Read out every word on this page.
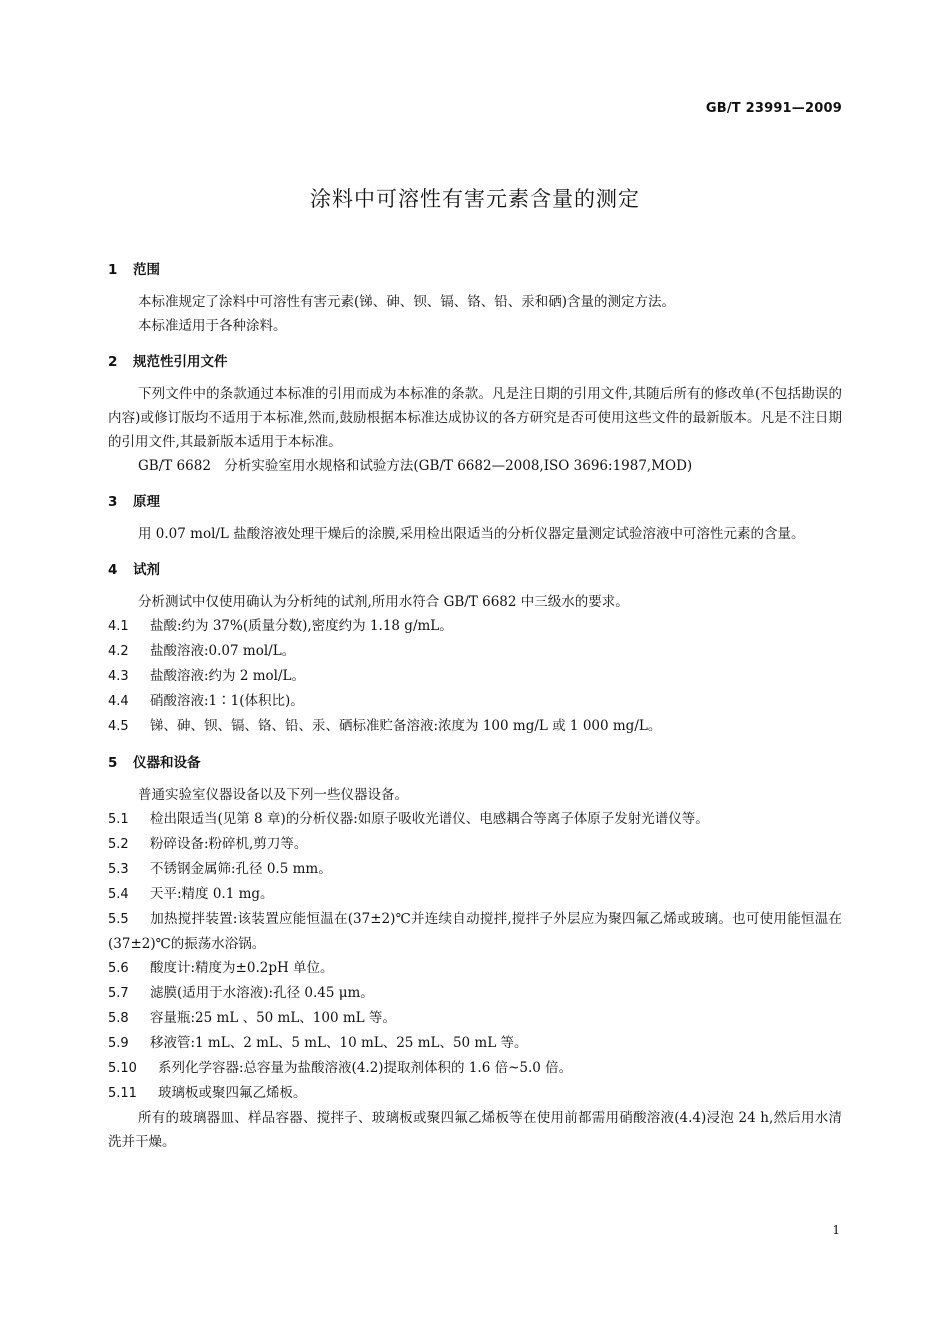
GB/T 23991—2009
涂料中可溶性有害元素含量的测定
1 范围
本标准规定了涂料中可溶性有害元素(锑、砷、钡、镉、铬、铅、汞和硒)含量的测定方法。
本标准适用于各种涂料。
2 规范性引用文件
下列文件中的条款通过本标准的引用而成为本标准的条款。凡是注日期的引用文件,其随后所有的修改单(不包括勘误的内容)或修订版均不适用于本标准,然而,鼓励根据本标准达成协议的各方研究是否可使用这些文件的最新版本。凡是不注日期的引用文件,其最新版本适用于本标准。
GB/T 6682　分析实验室用水规格和试验方法(GB/T 6682—2008,ISO 3696:1987,MOD)
3 原理
用 0.07 mol/L 盐酸溶液处理干燥后的涂膜,采用检出限适当的分析仪器定量测定试验溶液中可溶性元素的含量。
4 试剂
分析测试中仅使用确认为分析纯的试剂,所用水符合 GB/T 6682 中三级水的要求。
4.1 盐酸:约为 37%(质量分数),密度约为 1.18 g/mL。
4.2 盐酸溶液:0.07 mol/L。
4.3 盐酸溶液:约为 2 mol/L。
4.4 硝酸溶液:1∶1(体积比)。
4.5 锑、砷、钡、镉、铬、铅、汞、硒标准贮备溶液:浓度为 100 mg/L 或 1 000 mg/L。
5 仪器和设备
普通实验室仪器设备以及下列一些仪器设备。
5.1 检出限适当(见第 8 章)的分析仪器:如原子吸收光谱仪、电感耦合等离子体原子发射光谱仪等。
5.2 粉碎设备:粉碎机,剪刀等。
5.3 不锈钢金属筛:孔径 0.5 mm。
5.4 天平:精度 0.1 mg。
5.5 加热搅拌装置:该装置应能恒温在(37±2)℃并连续自动搅拌,搅拌子外层应为聚四氟乙烯或玻璃。也可使用能恒温在(37±2)℃的振荡水浴锅。
5.6 酸度计:精度为±0.2pH 单位。
5.7 滤膜(适用于水溶液):孔径 0.45 μm。
5.8 容量瓶:25 mL 、50 mL、100 mL 等。
5.9 移液管:1 mL、2 mL、5 mL、10 mL、25 mL、50 mL 等。
5.10 系列化学容器:总容量为盐酸溶液(4.2)提取剂体积的 1.6 倍~5.0 倍。
5.11 玻璃板或聚四氟乙烯板。
所有的玻璃器皿、样品容器、搅拌子、玻璃板或聚四氟乙烯板等在使用前都需用硝酸溶液(4.4)浸泡 24 h,然后用水清洗并干燥。
1
